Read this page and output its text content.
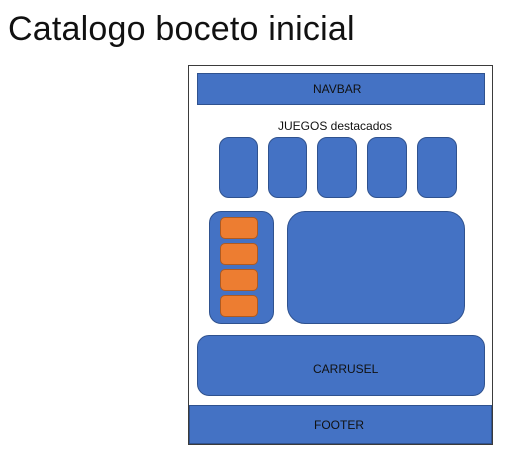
Catalogo boceto inicial
NAVBAR
JUEGOS destacados
CARRUSEL
FOOTER
